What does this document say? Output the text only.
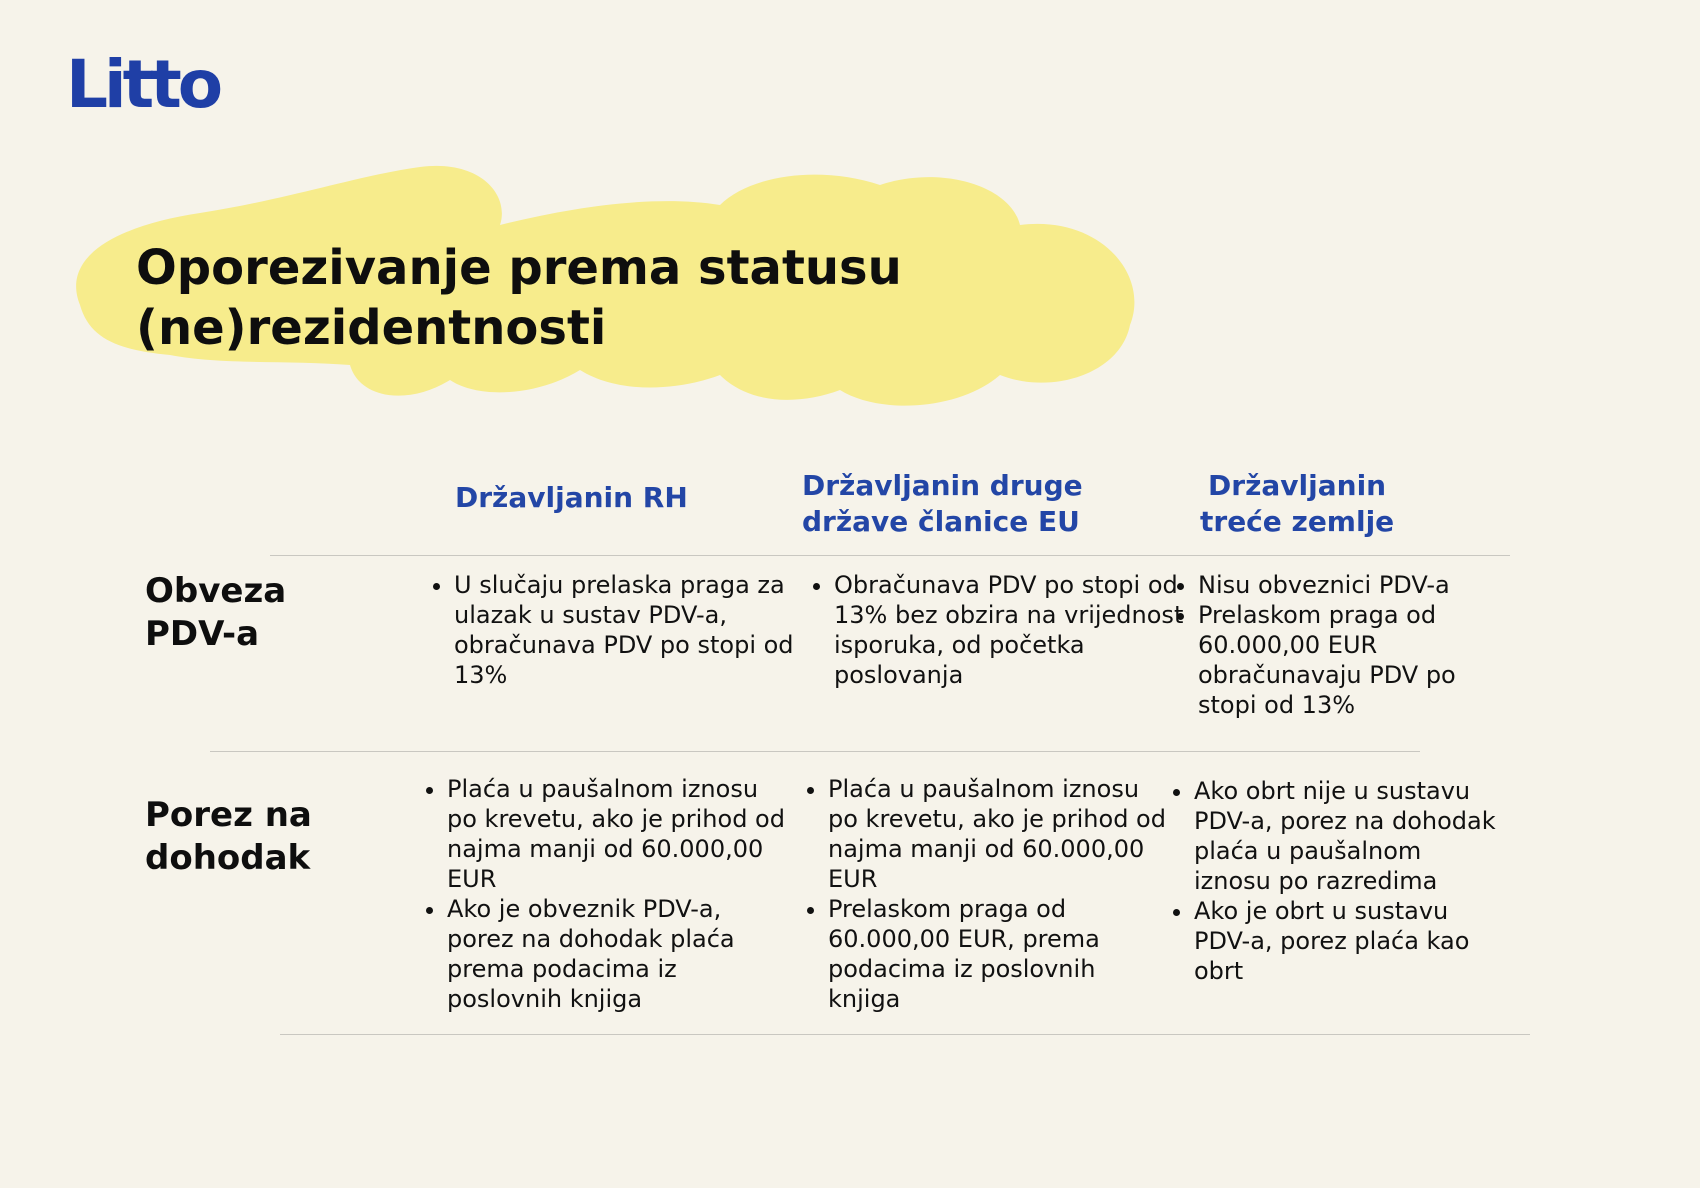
Litto
Oporezivanje prema statusu
(ne)rezidentnosti
Državljanin RH	Državljanin druge
države članice EU
Državljanin
treće zemlje
Obveza
PDV-a
• U slučaju prelaska praga za ulazak u sustav PDV-a, obračunava PDV po stopi od 13%
• Obračunava PDV po stopi od 13% bez obzira na vrijednost isporuka, od početka poslovanja
• Nisu obveznici PDV-a
• Prelaskom praga od 60.000,00 EUR obračunavaju PDV po stopi od 13%
Porez na
dohodak
• Plaća u paušalnom iznosu po krevetu, ako je prihod od najma manji od 60.000,00 EUR
• Ako je obveznik PDV-a, porez na dohodak plaća prema podacima iz poslovnih knjiga
• Plaća u paušalnom iznosu po krevetu, ako je prihod od najma manji od 60.000,00 EUR
• Prelaskom praga od 60.000,00 EUR, prema podacima iz poslovnih knjiga
• Ako obrt nije u sustavu PDV-a, porez na dohodak plaća u paušalnom iznosu po razredima
• Ako je obrt u sustavu PDV-a, porez plaća kao obrt
